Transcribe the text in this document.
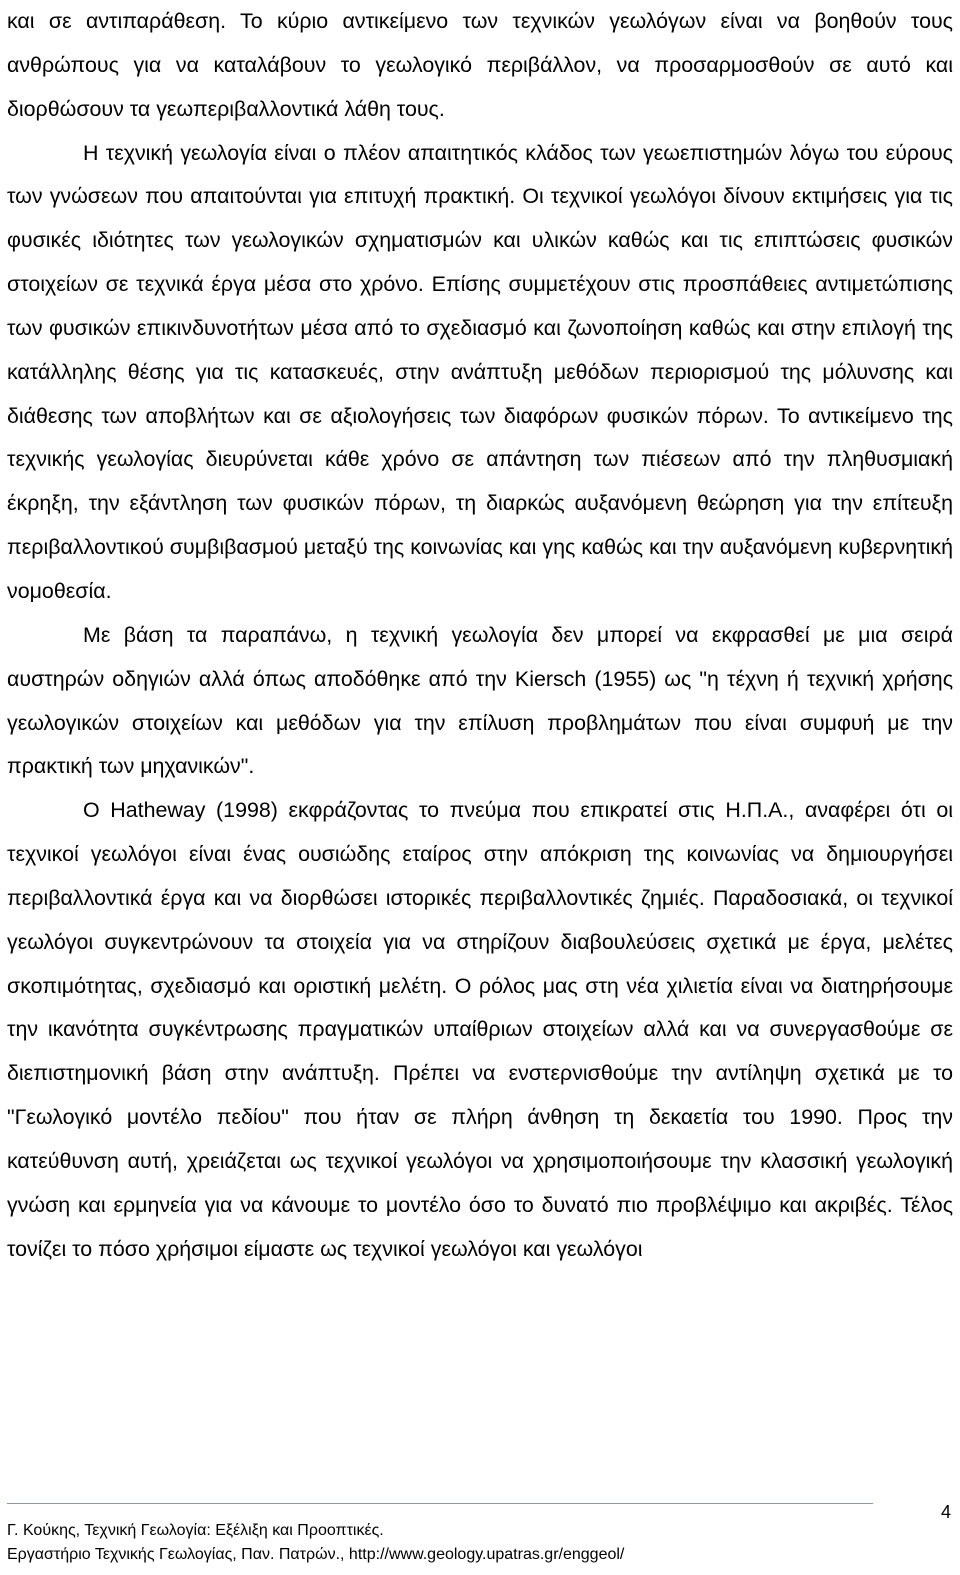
και σε αντιπαράθεση. Το κύριο αντικείμενο των τεχνικών γεωλόγων είναι να βοηθούν τους ανθρώπους για να καταλάβουν το γεωλογικό περιβάλλον, να προσαρμοσθούν σε αυτό και διορθώσουν τα γεωπεριβαλλοντικά λάθη τους.

Η τεχνική γεωλογία είναι ο πλέον απαιτητικός κλάδος των γεωεπιστημών λόγω του εύρους των γνώσεων που απαιτούνται για επιτυχή πρακτική. Οι τεχνικοί γεωλόγοι δίνουν εκτιμήσεις για τις φυσικές ιδιότητες των γεωλογικών σχηματισμών και υλικών καθώς και τις επιπτώσεις φυσικών στοιχείων σε τεχνικά έργα μέσα στο χρόνο. Επίσης συμμετέχουν στις προσπάθειες αντιμετώπισης των φυσικών επικινδυνοτήτων μέσα από το σχεδιασμό και ζωνοποίηση καθώς και στην επιλογή της κατάλληλης θέσης για τις κατασκευές, στην ανάπτυξη μεθόδων περιορισμού της μόλυνσης και διάθεσης των αποβλήτων και σε αξιολογήσεις των διαφόρων φυσικών πόρων. Το αντικείμενο της τεχνικής γεωλογίας διευρύνεται κάθε χρόνο σε απάντηση των πιέσεων από την πληθυσμιακή έκρηξη, την εξάντληση των φυσικών πόρων, τη διαρκώς αυξανόμενη θεώρηση για την επίτευξη περιβαλλοντικού συμβιβασμού μεταξύ της κοινωνίας και γης καθώς και την αυξανόμενη κυβερνητική νομοθεσία.

Με βάση τα παραπάνω, η τεχνική γεωλογία δεν μπορεί να εκφρασθεί με μια σειρά αυστηρών οδηγιών αλλά όπως αποδόθηκε από την Kiersch (1955) ως "η τέχνη ή τεχνική χρήσης γεωλογικών στοιχείων και μεθόδων για την επίλυση προβλημάτων που είναι συμφυή με την πρακτική των μηχανικών".

Ο Hatheway (1998) εκφράζοντας το πνεύμα που επικρατεί στις Η.Π.Α., αναφέρει ότι οι τεχνικοί γεωλόγοι είναι ένας ουσιώδης εταίρος στην απόκριση της κοινωνίας να δημιουργήσει περιβαλλοντικά έργα και να διορθώσει ιστορικές περιβαλλοντικές ζημιές. Παραδοσιακά, οι τεχνικοί γεωλόγοι συγκεντρώνουν τα στοιχεία για να στηρίζουν διαβουλεύσεις σχετικά με έργα, μελέτες σκοπιμότητας, σχεδιασμό και οριστική μελέτη. Ο ρόλος μας στη νέα χιλιετία είναι να διατηρήσουμε την ικανότητα συγκέντρωσης πραγματικών υπαίθριων στοιχείων αλλά και να συνεργασθούμε σε διεπιστημονική βάση στην ανάπτυξη. Πρέπει να ενστερνισθούμε την αντίληψη σχετικά με το "Γεωλογικό μοντέλο πεδίου" που ήταν σε πλήρη άνθηση τη δεκαετία του 1990. Προς την κατεύθυνση αυτή, χρειάζεται ως τεχνικοί γεωλόγοι να χρησιμοποιήσουμε την κλασσική γεωλογική γνώση και ερμηνεία για να κάνουμε το μοντέλο όσο το δυνατό πιο προβλέψιμο και ακριβές. Τέλος τονίζει το πόσο χρήσιμοι είμαστε ως τεχνικοί γεωλόγοι και γεωλόγοι

4
Γ. Κούκης, Τεχνική Γεωλογία: Εξέλιξη και Προοπτικές.
Εργαστήριο Τεχνικής Γεωλογίας, Παν. Πατρών., http://www.geology.upatras.gr/enggeol/
